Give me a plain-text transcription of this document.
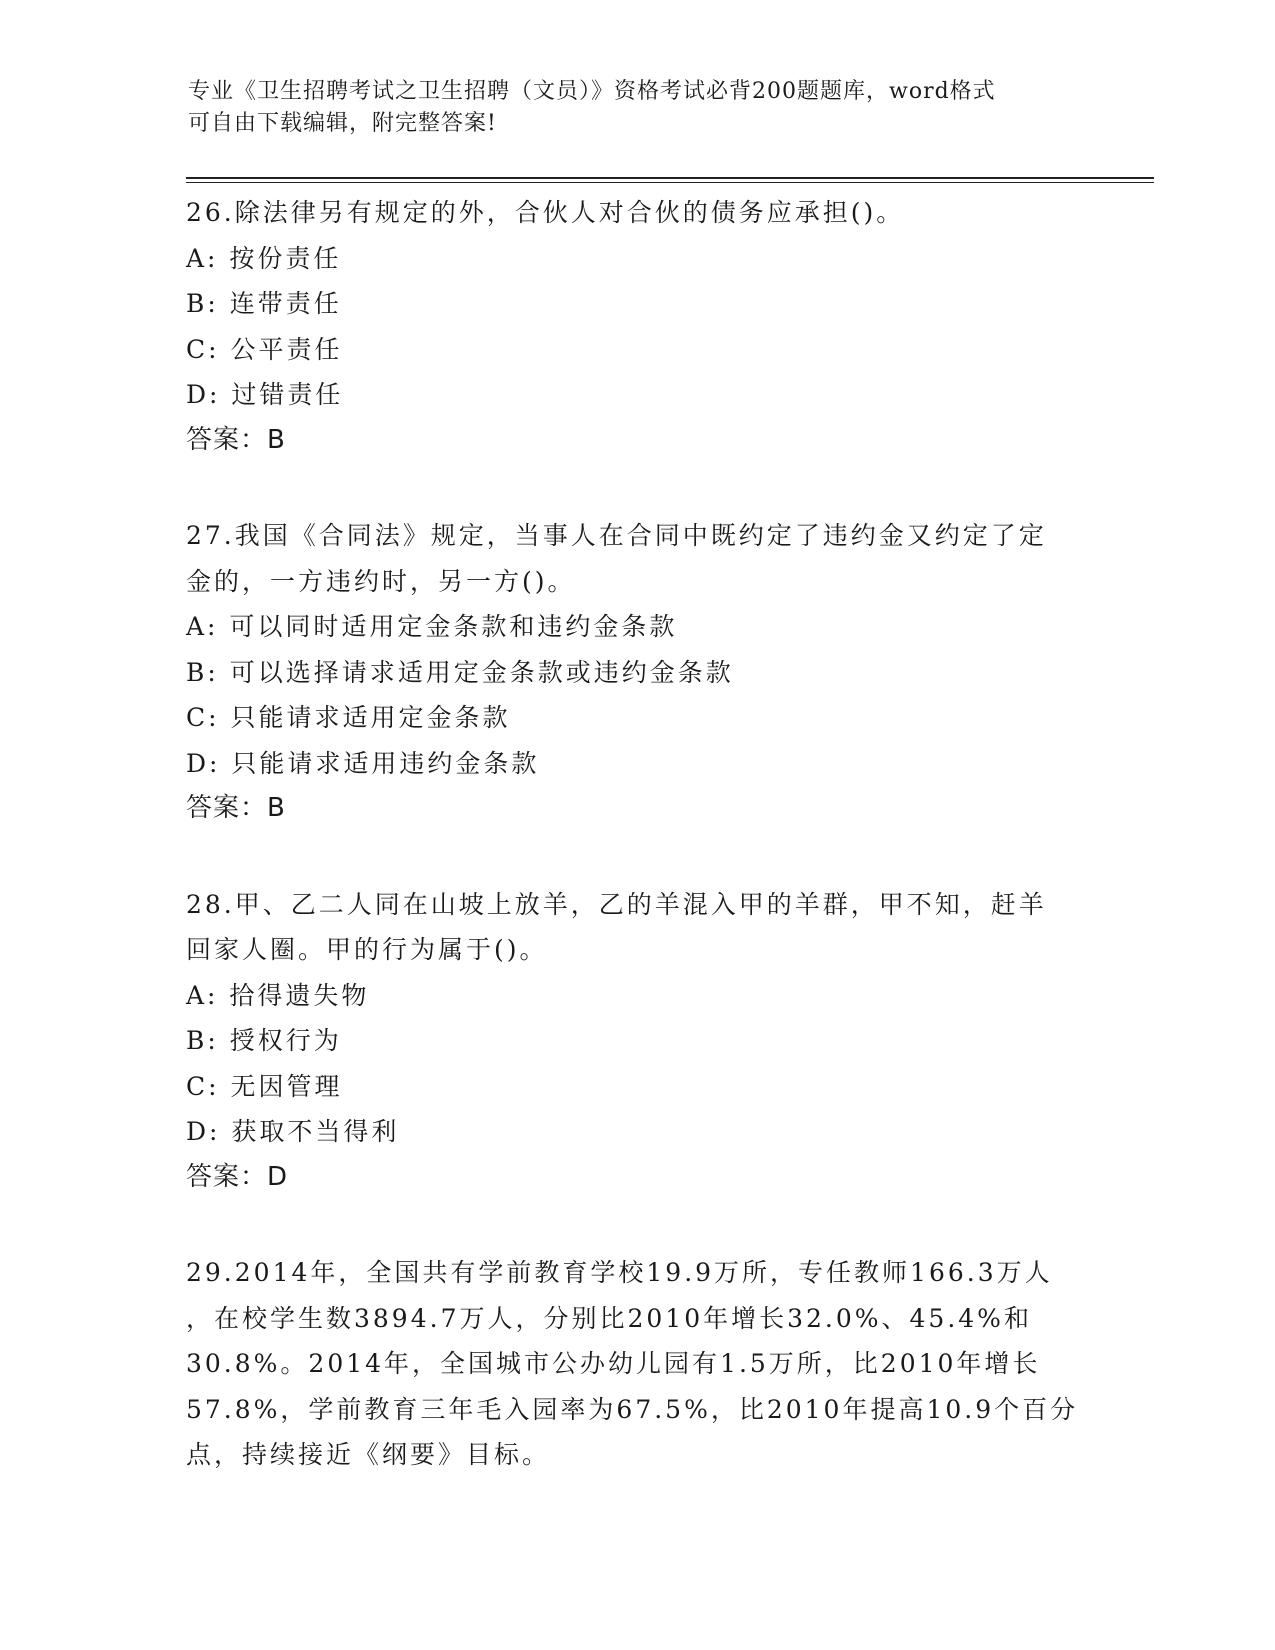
专业《卫生招聘考试之卫生招聘（文员）》资格考试必背200题题库，word格式
可自由下载编辑，附完整答案!
26.除法律另有规定的外，合伙人对合伙的债务应承担()。
A: 按份责任
B: 连带责任
C: 公平责任
D: 过错责任
答案：B
27.我国《合同法》规定，当事人在合同中既约定了违约金又约定了定
金的，一方违约时，另一方()。
A: 可以同时适用定金条款和违约金条款
B: 可以选择请求适用定金条款或违约金条款
C: 只能请求适用定金条款
D: 只能请求适用违约金条款
答案：B
28.甲、乙二人同在山坡上放羊，乙的羊混入甲的羊群，甲不知，赶羊
回家人圈。甲的行为属于()。
A: 拾得遗失物
B: 授权行为
C: 无因管理
D: 获取不当得利
答案：D
29.2014年，全国共有学前教育学校19.9万所，专任教师166.3万人
，在校学生数3894.7万人，分别比2010年增长32.0%、45.4%和
30.8%。2014年，全国城市公办幼儿园有1.5万所，比2010年增长
57.8%，学前教育三年毛入园率为67.5%，比2010年提高10.9个百分
点，持续接近《纲要》目标。
